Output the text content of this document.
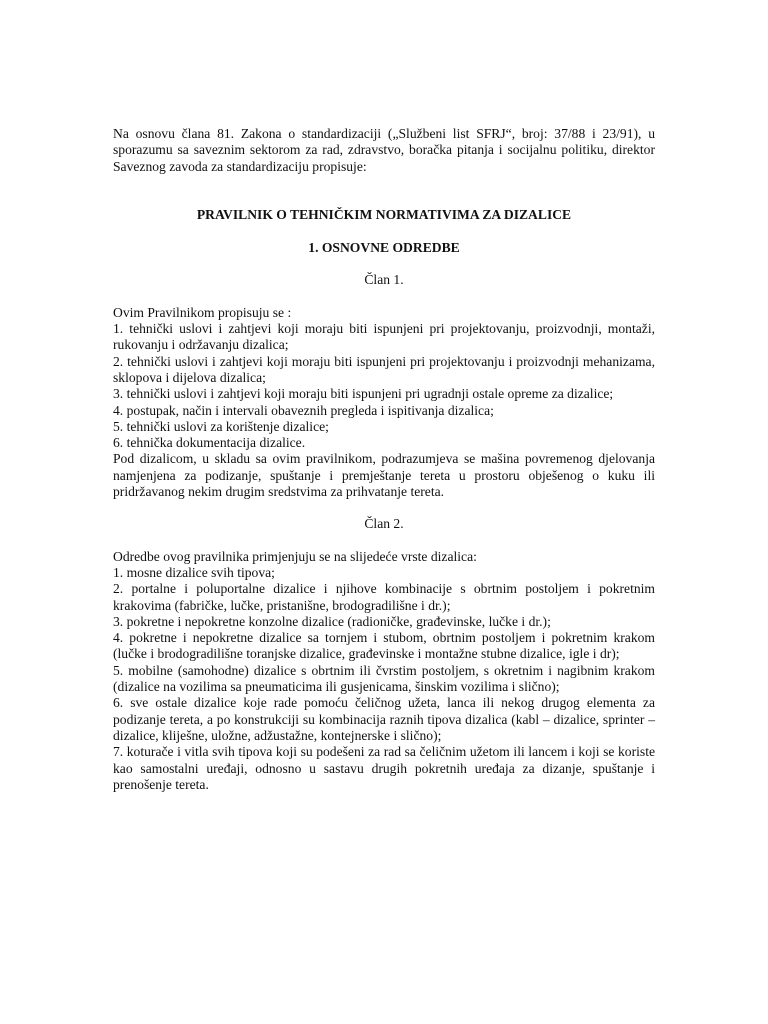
Na osnovu člana 81. Zakona o standardizaciji („Službeni list SFRJ“, broj: 37/88 i 23/91), u sporazumu sa saveznim sektorom za rad, zdravstvo, boračka pitanja i socijalnu politiku, direktor Saveznog zavoda za standardizaciju propisuje:

PRAVILNIK O TEHNIČKIM NORMATIVIMA ZA DIZALICE

1. OSNOVNE ODREDBE

Član 1.

Ovim Pravilnikom propisuju se :

1. tehnički uslovi i zahtjevi koji moraju biti ispunjeni pri projektovanju, proizvodnji, montaži, rukovanju i održavanju dizalica;

2. tehnički uslovi i zahtjevi koji moraju biti ispunjeni pri projektovanju i proizvodnji mehanizama, sklopova i dijelova dizalica;

3. tehnički uslovi i zahtjevi koji moraju biti ispunjeni pri ugradnji ostale opreme za dizalice;

4. postupak, način i intervali obaveznih pregleda i ispitivanja dizalica;

5. tehnički uslovi za korištenje dizalice;

6. tehnička dokumentacija dizalice.

Pod dizalicom, u skladu sa ovim pravilnikom, podrazumjeva se mašina povremenog djelovanja namjenjena za podizanje, spuštanje i premještanje tereta u prostoru obješenog o kuku ili pridržavanog nekim drugim sredstvima za prihvatanje tereta.

Član 2.

Odredbe ovog pravilnika primjenjuju se na slijedeće vrste dizalica:

1. mosne dizalice svih tipova;

2. portalne i poluportalne dizalice i njihove kombinacije s obrtnim postoljem i pokretnim krakovima (fabričke, lučke, pristanišne, brodogradilišne i dr.);

3. pokretne i nepokretne konzolne dizalice (radioničke, građevinske, lučke i dr.);

4. pokretne i nepokretne dizalice sa tornjem i stubom, obrtnim postoljem i pokretnim krakom (lučke i brodogradilišne toranjske dizalice, građevinske i montažne stubne dizalice, igle i dr);

5. mobilne (samohodne) dizalice s obrtnim ili čvrstim postoljem, s okretnim i nagibnim krakom (dizalice na vozilima sa pneumaticima ili gusjenicama, šinskim vozilima i slično);

6. sve ostale dizalice koje rade pomoću čeličnog užeta, lanca ili nekog drugog elementa za podizanje tereta, a po konstrukciji su kombinacija raznih tipova dizalica (kabl – dizalice, sprinter – dizalice, kliješne, uložne, adžustažne, kontejnerske i slično);

7. koturače i vitla svih tipova koji su podešeni za rad sa čeličnim užetom ili lancem i koji se koriste kao samostalni uređaji, odnosno u sastavu drugih pokretnih uređaja za dizanje, spuštanje i prenošenje tereta.
